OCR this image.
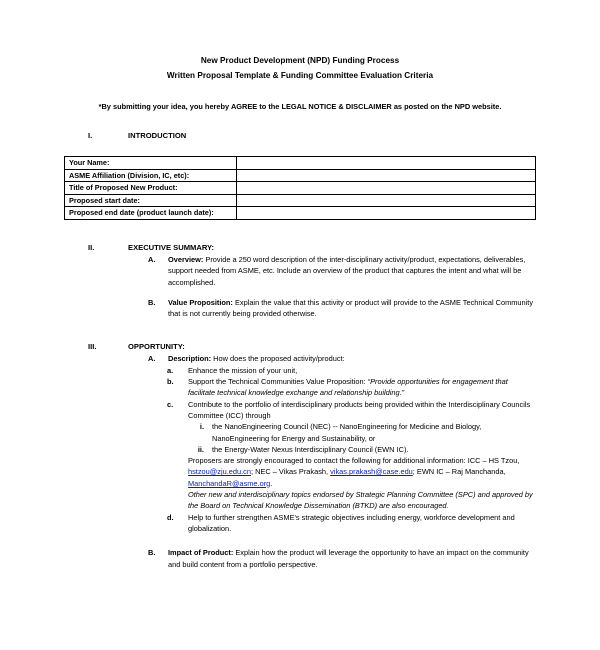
New Product Development (NPD) Funding Process
Written Proposal Template & Funding Committee Evaluation Criteria
*By submitting your idea, you hereby AGREE to the LEGAL NOTICE & DISCLAIMER as posted on the NPD website.
I.	INTRODUCTION
Your Name:	
ASME Affiliation (Division, IC, etc):	
Title of Proposed New Product:	
Proposed start date:	
Proposed end date (product launch date):	
II.	EXECUTIVE SUMMARY:
A.	Overview: Provide a 250 word description of the inter-disciplinary activity/product, expectations, deliverables, support needed from ASME, etc. Include an overview of the product that captures the intent and what will be accomplished.
B.	Value Proposition: Explain the value that this activity or product will provide to the ASME Technical Community that is not currently being provided otherwise.
III.	OPPORTUNITY:
A.	Description: How does the proposed activity/product:
a.	Enhance the mission of your unit,
b.	Support the Technical Communities Value Proposition: “Provide opportunities for engagement that facilitate technical knowledge exchange and relationship building.”
c.	Contribute to the portfolio of interdisciplinary products being provided within the Interdisciplinary Councils Committee (ICC) through
i. the NanoEngineering Council (NEC) -- NanoEngineering for Medicine and Biology, NanoEngineering for Energy and Sustainability, or
ii. the Energy-Water Nexus Interdisciplinary Council (EWN IC).
Proposers are strongly encouraged to contact the following for additional information: ICC – HS Tzou, hstzou@zju.edu.cn; NEC – Vikas Prakash, vikas.prakash@case.edu; EWN IC – Raj Manchanda, ManchandaR@asme.org.
Other new and interdisciplinary topics endorsed by Strategic Planning Committee (SPC) and approved by the Board on Technical Knowledge Dissemination (BTKD) are also encouraged.
d.	Help to further strengthen ASME’s strategic objectives including energy, workforce development and globalization.
B.	Impact of Product: Explain how the product will leverage the opportunity to have an impact on the community and build content from a portfolio perspective.
